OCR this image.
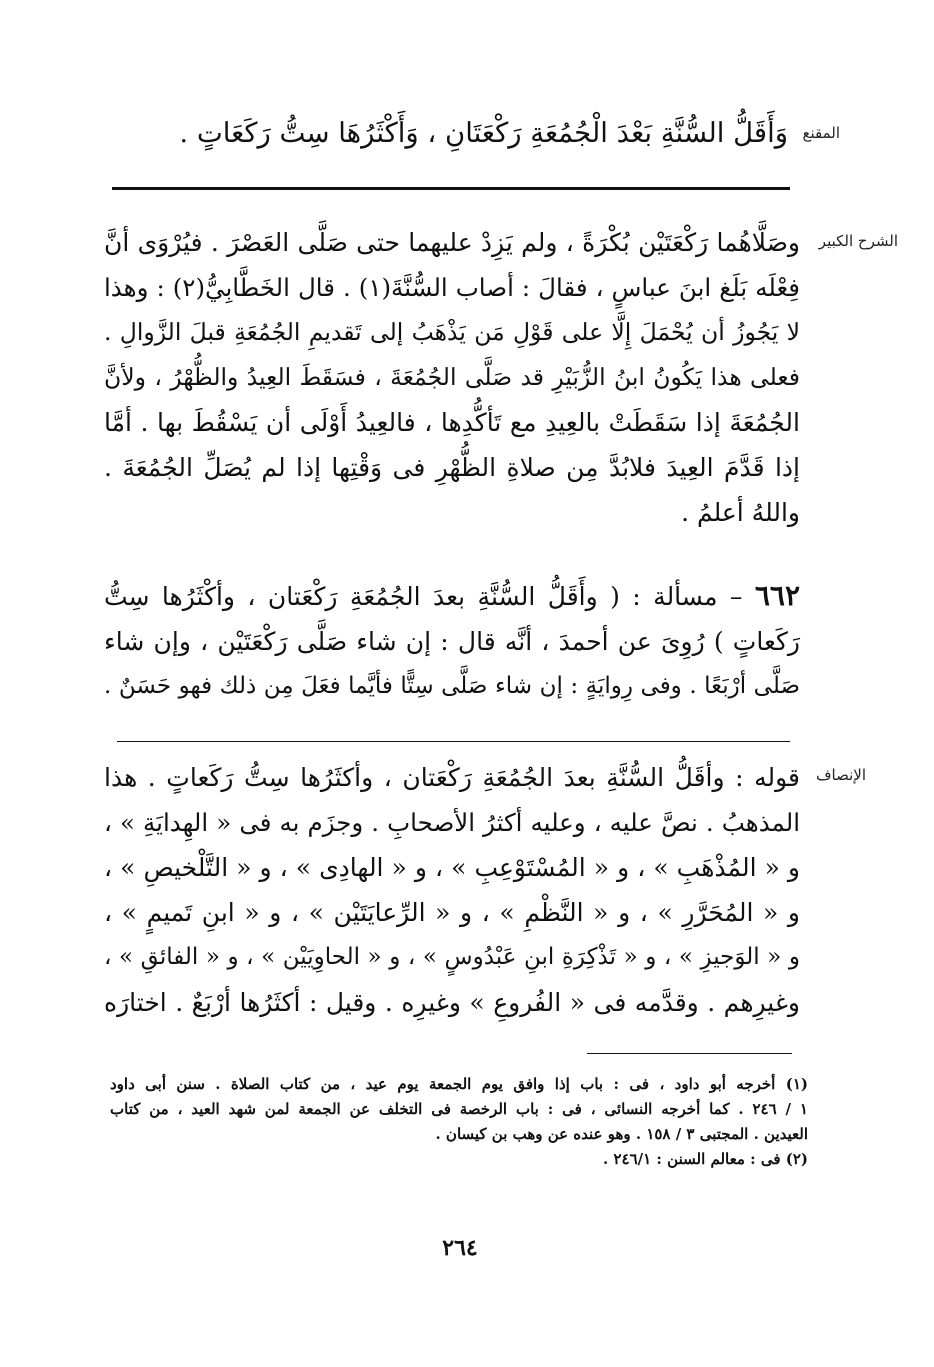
المقنع
وَأَقَلُّ السُّنَّةِ بَعْدَ الْجُمُعَةِ رَكْعَتَانِ ، وَأَكْثَرُهَا سِتُّ رَكَعَاتٍ .
الشرح الكبير
وصَلَّاهُما رَكْعَتَيْن بُكْرَةً ، ولم يَزِدْ عليهما حتى صَلَّى العَصْرَ . فيُرْوَى أنَّ
فِعْلَه بَلَغ ابنَ عباسٍ ، فقالَ : أصاب السُّنَّةَ(١) . قال الخَطَّابِيُّ(٢) : وهذا
لا يَجُوزُ أن يُحْمَلَ إِلَّا على قَوْلِ مَن يَذْهَبُ إلى تَقديمِ الجُمُعَةِ قبلَ الزَّوالِ .
فعلى هذا يَكُونُ ابنُ الزُّبَيْرِ قد صَلَّى الجُمُعَةَ ، فسَقَطَ العِيدُ والظُّهْرُ ، ولأنَّ
الجُمُعَةَ إذا سَقَطَتْ بالعِيدِ مع تَأكُّدِها ، فالعِيدُ أَوْلَى أن يَسْقُطَ بها . أمَّا
إذا قَدَّمَ العِيدَ فلابُدَّ مِن صلاةِ الظُّهْرِ فى وَقْتِها إذا لم يُصَلِّ الجُمُعَةَ .
واللهُ أعلمُ .
٦٦٢ – مسألة : ( وأَقَلُّ السُّنَّةِ بعدَ الجُمُعَةِ رَكْعَتان ، وأكْثَرُها سِتُّ
رَكَعاتٍ ) رُوِىَ عن أحمدَ ، أنَّه قال : إن شاء صَلَّى رَكْعَتَيْن ، وإن شاء
صَلَّى أرْبَعًا . وفى رِوايَةٍ : إن شاء صَلَّى سِتًّا فأيَّما فعَلَ مِن ذلك فهو حَسَنٌ .
الإنصاف
قوله : وأقَلُّ السُّنَّةِ بعدَ الجُمُعَةِ رَكْعَتان ، وأكثَرُها سِتُّ رَكَعاتٍ . هذا
المذهبُ . نصَّ عليه ، وعليه أكثرُ الأصحابِ . وجزَم به فى « الهِدايَةِ » ،
و « المُذْهَبِ » ، و « المُسْتَوْعِبِ » ، و « الهادِى » ، و « التَّلْخيصِ » ،
و « المُحَرَّرِ » ، و « النَّظْمِ » ، و « الرِّعايَتَيْن » ، و « ابنِ تَميمٍ » ،
و « الوَجيزِ » ، و « تَذْكِرَةِ ابنِ عَبْدُوسٍ » ، و « الحاوِيَيْن » ، و « الفائقِ » ،
وغيرِهم . وقدَّمه فى « الفُروعِ » وغيرِه . وقيل : أكثَرُها أرْبَعٌ . اختارَه
(١) أخرجه أبو داود ، فى : باب إذا وافق يوم الجمعة يوم عيد ، من كتاب الصلاة . سنن أبى داود
١ / ٢٤٦ . كما أخرجه النسائى ، فى : باب الرخصة فى التخلف عن الجمعة لمن شهد العيد ، من كتاب
العيدين . المجتبى ٣ / ١٥٨ . وهو عنده عن وهب بن كيسان .
(٢) فى : معالم السنن : ٢٤٦/١ .
٢٦٤
